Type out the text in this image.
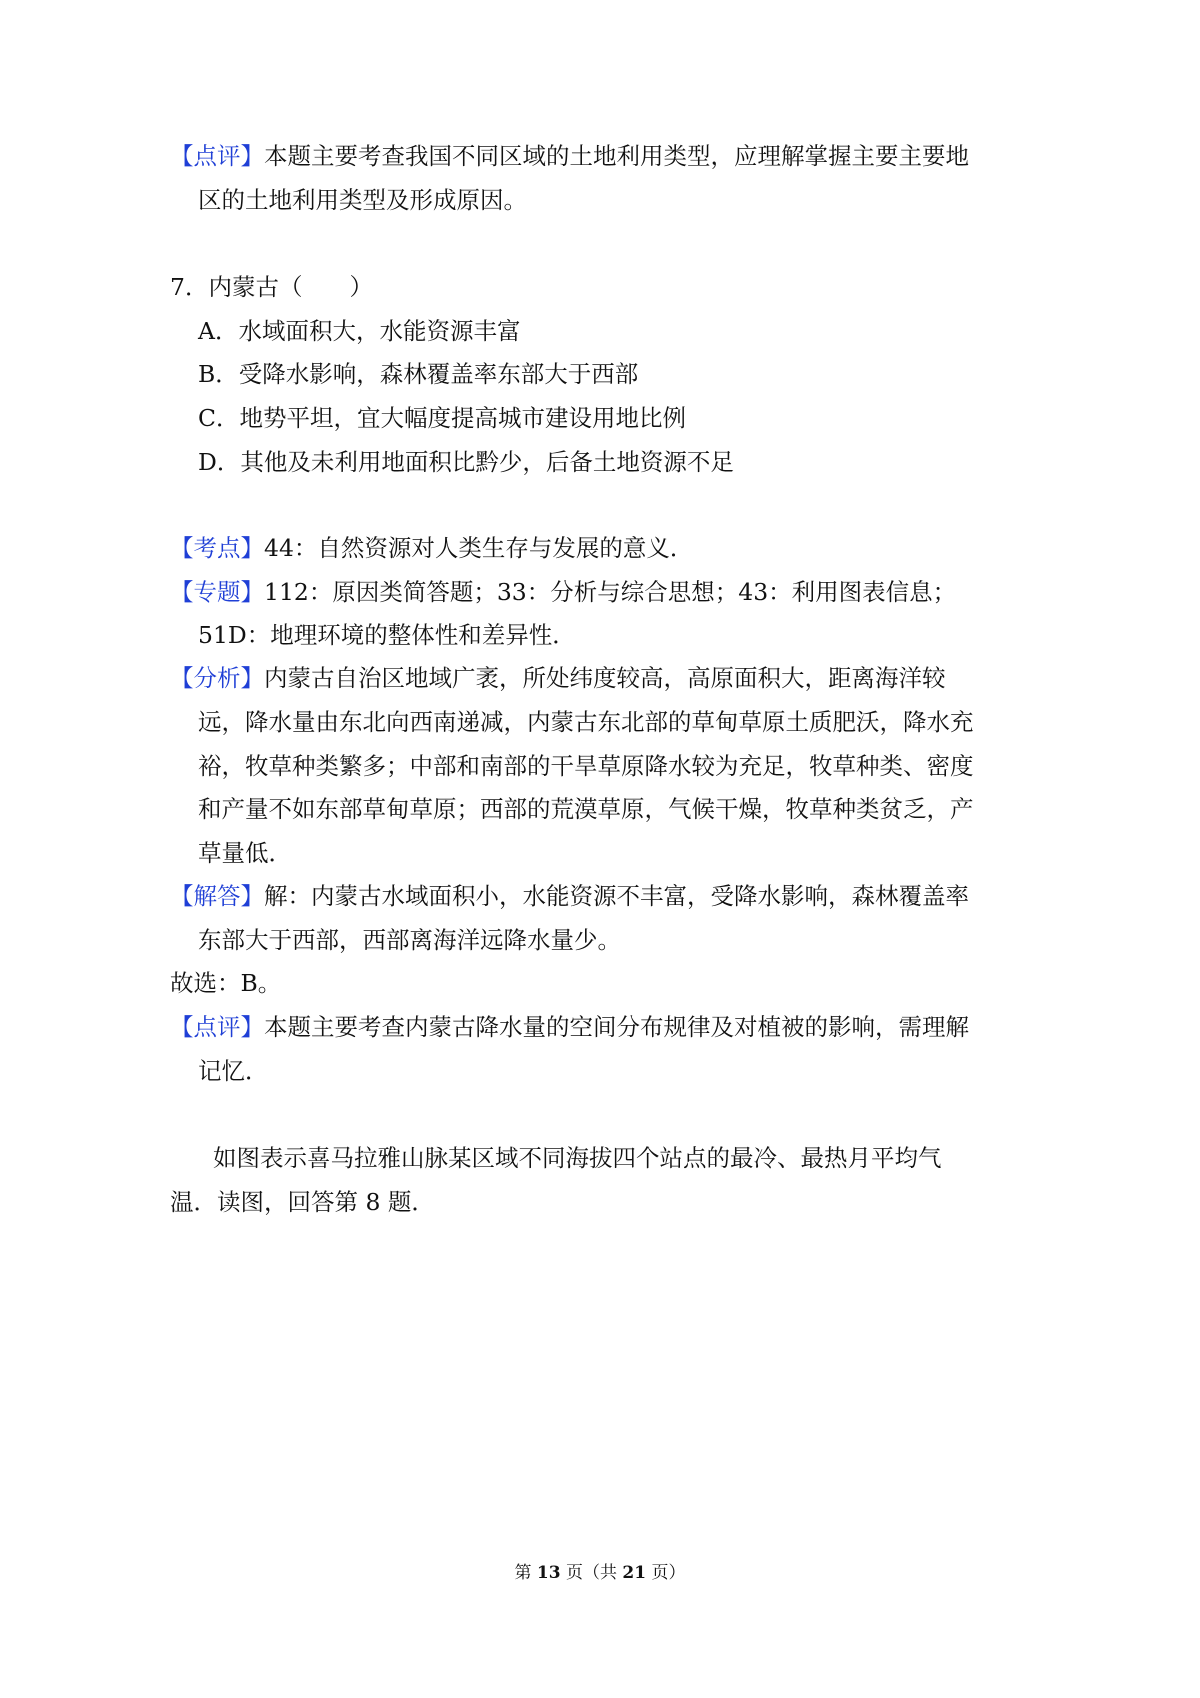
【点评】本题主要考查我国不同区域的土地利用类型，应理解掌握主要主要地
区的土地利用类型及形成原因。
7．内蒙古（　　）
A．水域面积大，水能资源丰富
B．受降水影响，森林覆盖率东部大于西部
C．地势平坦，宜大幅度提高城市建设用地比例
D．其他及未利用地面积比黔少，后备土地资源不足
【考点】44：自然资源对人类生存与发展的意义．
【专题】112：原因类简答题；33：分析与综合思想；43：利用图表信息；
51D：地理环境的整体性和差异性．
【分析】内蒙古自治区地域广袤，所处纬度较高，高原面积大，距离海洋较
远，降水量由东北向西南递减，内蒙古东北部的草甸草原土质肥沃，降水充
裕，牧草种类繁多；中部和南部的干旱草原降水较为充足，牧草种类、密度
和产量不如东部草甸草原；西部的荒漠草原，气候干燥，牧草种类贫乏，产
草量低．
【解答】解：内蒙古水域面积小，水能资源不丰富，受降水影响，森林覆盖率
东部大于西部，西部离海洋远降水量少。
故选：B。
【点评】本题主要考查内蒙古降水量的空间分布规律及对植被的影响，需理解
记忆．
如图表示喜马拉雅山脉某区域不同海拔四个站点的最冷、最热月平均气
温．读图，回答第 8 题．
第 13 页（共 21 页）
